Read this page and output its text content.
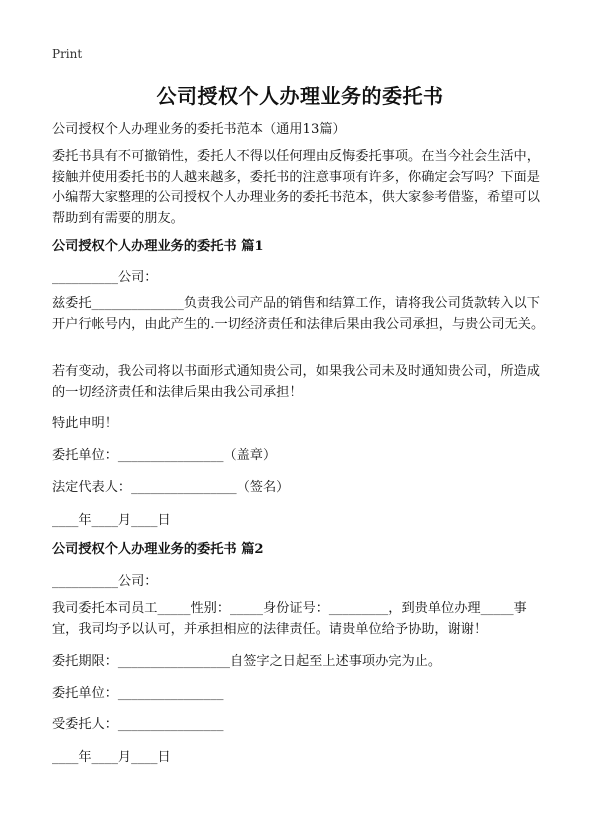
Print
公司授权个人办理业务的委托书
公司授权个人办理业务的委托书范本（通用13篇）
委托书具有不可撤销性，委托人不得以任何理由反悔委托事项。在当今社会生活中，接触并使用委托书的人越来越多，委托书的注意事项有许多，你确定会写吗？下面是小编帮大家整理的公司授权个人办理业务的委托书范本，供大家参考借鉴，希望可以帮助到有需要的朋友。
公司授权个人办理业务的委托书 篇1
__________公司：
兹委托______________负责我公司产品的销售和结算工作，请将我公司货款转入以下开户行帐号内，由此产生的.一切经济责任和法律后果由我公司承担，与贵公司无关。
若有变动，我公司将以书面形式通知贵公司，如果我公司未及时通知贵公司，所造成的一切经济责任和法律后果由我公司承担！
特此申明！
委托单位：________________（盖章）
法定代表人：________________（签名）
____年____月____日
公司授权个人办理业务的委托书 篇2
__________公司：
我司委托本司员工_____性别：_____身份证号：_________，到贵单位办理_____事宜，我司均予以认可，并承担相应的法律责任。请贵单位给予协助，谢谢！
委托期限：_________________自签字之日起至上述事项办完为止。
委托单位：________________
受委托人：________________
____年____月____日
